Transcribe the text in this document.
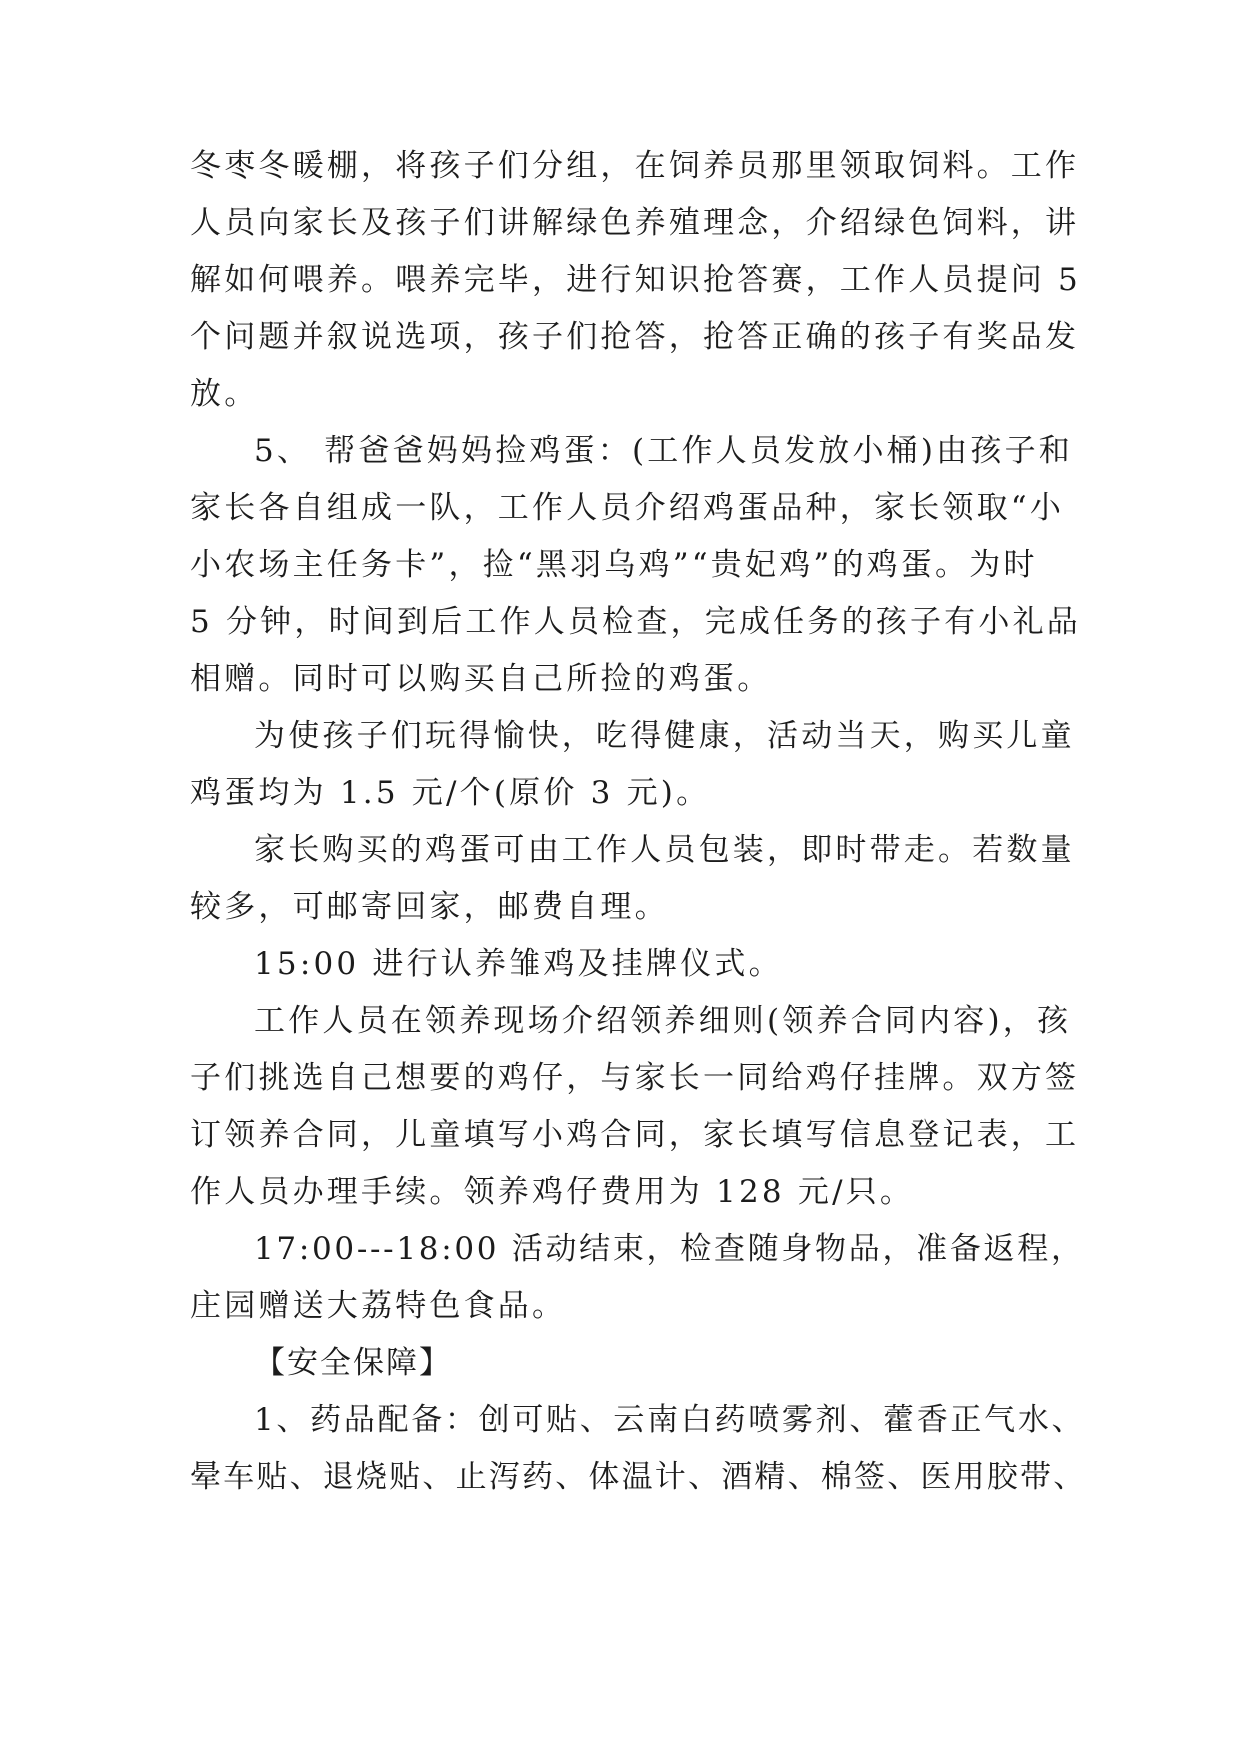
冬枣冬暖棚，将孩子们分组，在饲养员那里领取饲料。工作
人员向家长及孩子们讲解绿色养殖理念，介绍绿色饲料，讲
解如何喂养。喂养完毕，进行知识抢答赛，工作人员提问 5
个问题并叙说选项，孩子们抢答，抢答正确的孩子有奖品发
放。
5、 帮爸爸妈妈捡鸡蛋：(工作人员发放小桶)由孩子和
家长各自组成一队，工作人员介绍鸡蛋品种，家长领取“小
小农场主任务卡”，捡“黑羽乌鸡”“贵妃鸡”的鸡蛋。为时
5 分钟，时间到后工作人员检查，完成任务的孩子有小礼品
相赠。同时可以购买自己所捡的鸡蛋。
为使孩子们玩得愉快，吃得健康，活动当天，购买儿童
鸡蛋均为 1.5 元/个(原价 3 元)。
家长购买的鸡蛋可由工作人员包装，即时带走。若数量
较多，可邮寄回家，邮费自理。
15:00 进行认养雏鸡及挂牌仪式。
工作人员在领养现场介绍领养细则(领养合同内容)，孩
子们挑选自己想要的鸡仔，与家长一同给鸡仔挂牌。双方签
订领养合同，儿童填写小鸡合同，家长填写信息登记表，工
作人员办理手续。领养鸡仔费用为 128 元/只。
17:00---18:00 活动结束，检查随身物品，准备返程，
庄园赠送大荔特色食品。
【安全保障】
1、药品配备：创可贴、云南白药喷雾剂、藿香正气水、
晕车贴、退烧贴、止泻药、体温计、酒精、棉签、医用胶带、
